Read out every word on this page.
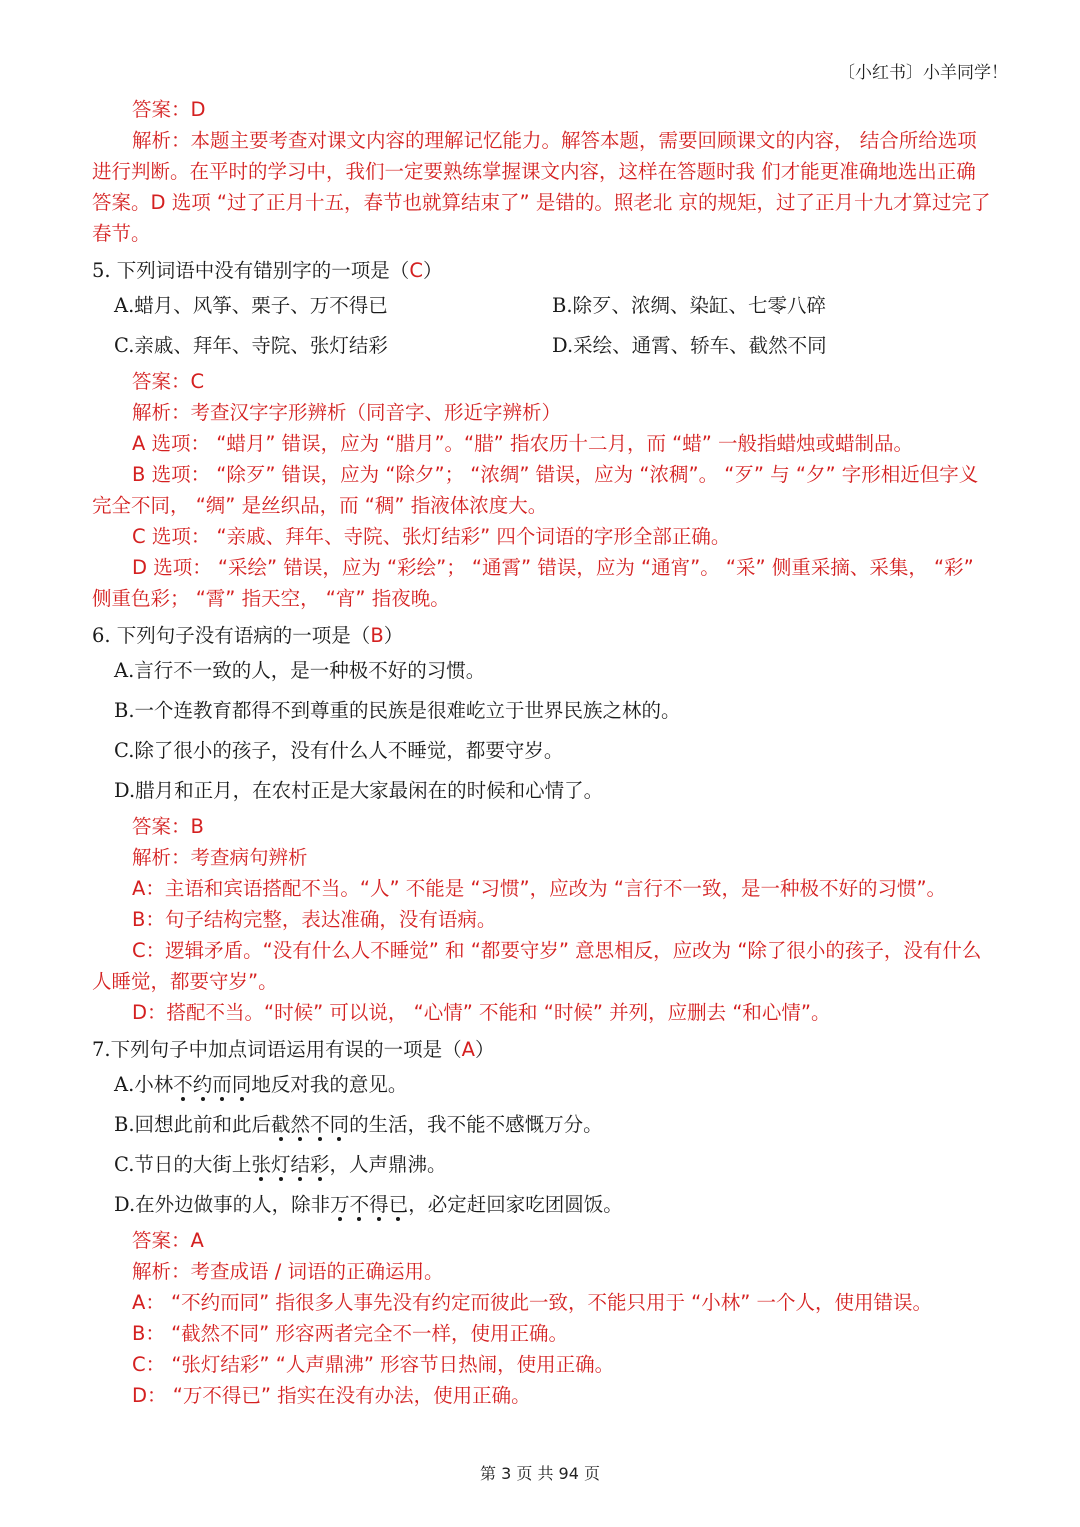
〔小红书〕小羊同学！
答案：D
解析：本题主要考查对课文内容的理解记忆能力。解答本题，需要回顾课文的内容， 结合所给选项进行判断。在平时的学习中，我们一定要熟练掌握课文内容，这样在答题时我 们才能更准确地选出正确答案。D 选项 “过了正月十五，春节也就算结束了” 是错的。照老北 京的规矩，过了正月十九才算过完了春节。
5. 下列词语中没有错别字的一项是（C）
A.蜡月、风筝、栗子、万不得已	B.除歹、浓绸、染缸、七零八碎
C.亲戚、拜年、寺院、张灯结彩	D.采绘、通霄、轿车、截然不同
答案：C
解析：考查汉字字形辨析（同音字、形近字辨析）
A 选项： “蜡月” 错误，应为 “腊月”。“腊” 指农历十二月，而 “蜡” 一般指蜡烛或蜡制品。
B 选项： “除歹” 错误，应为 “除夕”； “浓绸” 错误，应为 “浓稠”。 “歹” 与 “夕” 字形相近但字义完全不同， “绸” 是丝织品，而 “稠” 指液体浓度大。
C 选项： “亲戚、拜年、寺院、张灯结彩” 四个词语的字形全部正确。
D 选项： “采绘” 错误，应为 “彩绘”； “通霄” 错误，应为 “通宵”。 “采” 侧重采摘、采集， “彩” 侧重色彩； “霄” 指天空， “宵” 指夜晚。
6. 下列句子没有语病的一项是（B）
A.言行不一致的人，是一种极不好的习惯。
B.一个连教育都得不到尊重的民族是很难屹立于世界民族之林的。
C.除了很小的孩子，没有什么人不睡觉，都要守岁。
D.腊月和正月，在农村正是大家最闲在的时候和心情了。
答案：B
解析：考查病句辨析
A：主语和宾语搭配不当。“人” 不能是 “习惯”，应改为 “言行不一致，是一种极不好的习惯”。
B：句子结构完整，表达准确，没有语病。
C：逻辑矛盾。“没有什么人不睡觉” 和 “都要守岁” 意思相反，应改为 “除了很小的孩子，没有什么人睡觉，都要守岁”。
D：搭配不当。“时候” 可以说， “心情” 不能和 “时候” 并列，应删去 “和心情”。
7.下列句子中加点词语运用有误的一项是（A）
A.小林不约而同地反对我的意见。
B.回想此前和此后截然不同的生活，我不能不感慨万分。
C.节日的大街上张灯结彩，人声鼎沸。
D.在外边做事的人，除非万不得已，必定赶回家吃团圆饭。
答案：A
解析：考查成语 / 词语的正确运用。
A： “不约而同” 指很多人事先没有约定而彼此一致，不能只用于 “小林” 一个人，使用错误。
B： “截然不同” 形容两者完全不一样，使用正确。
C： “张灯结彩” “人声鼎沸” 形容节日热闹，使用正确。
D： “万不得已” 指实在没有办法，使用正确。
第 3 页 共 94 页
